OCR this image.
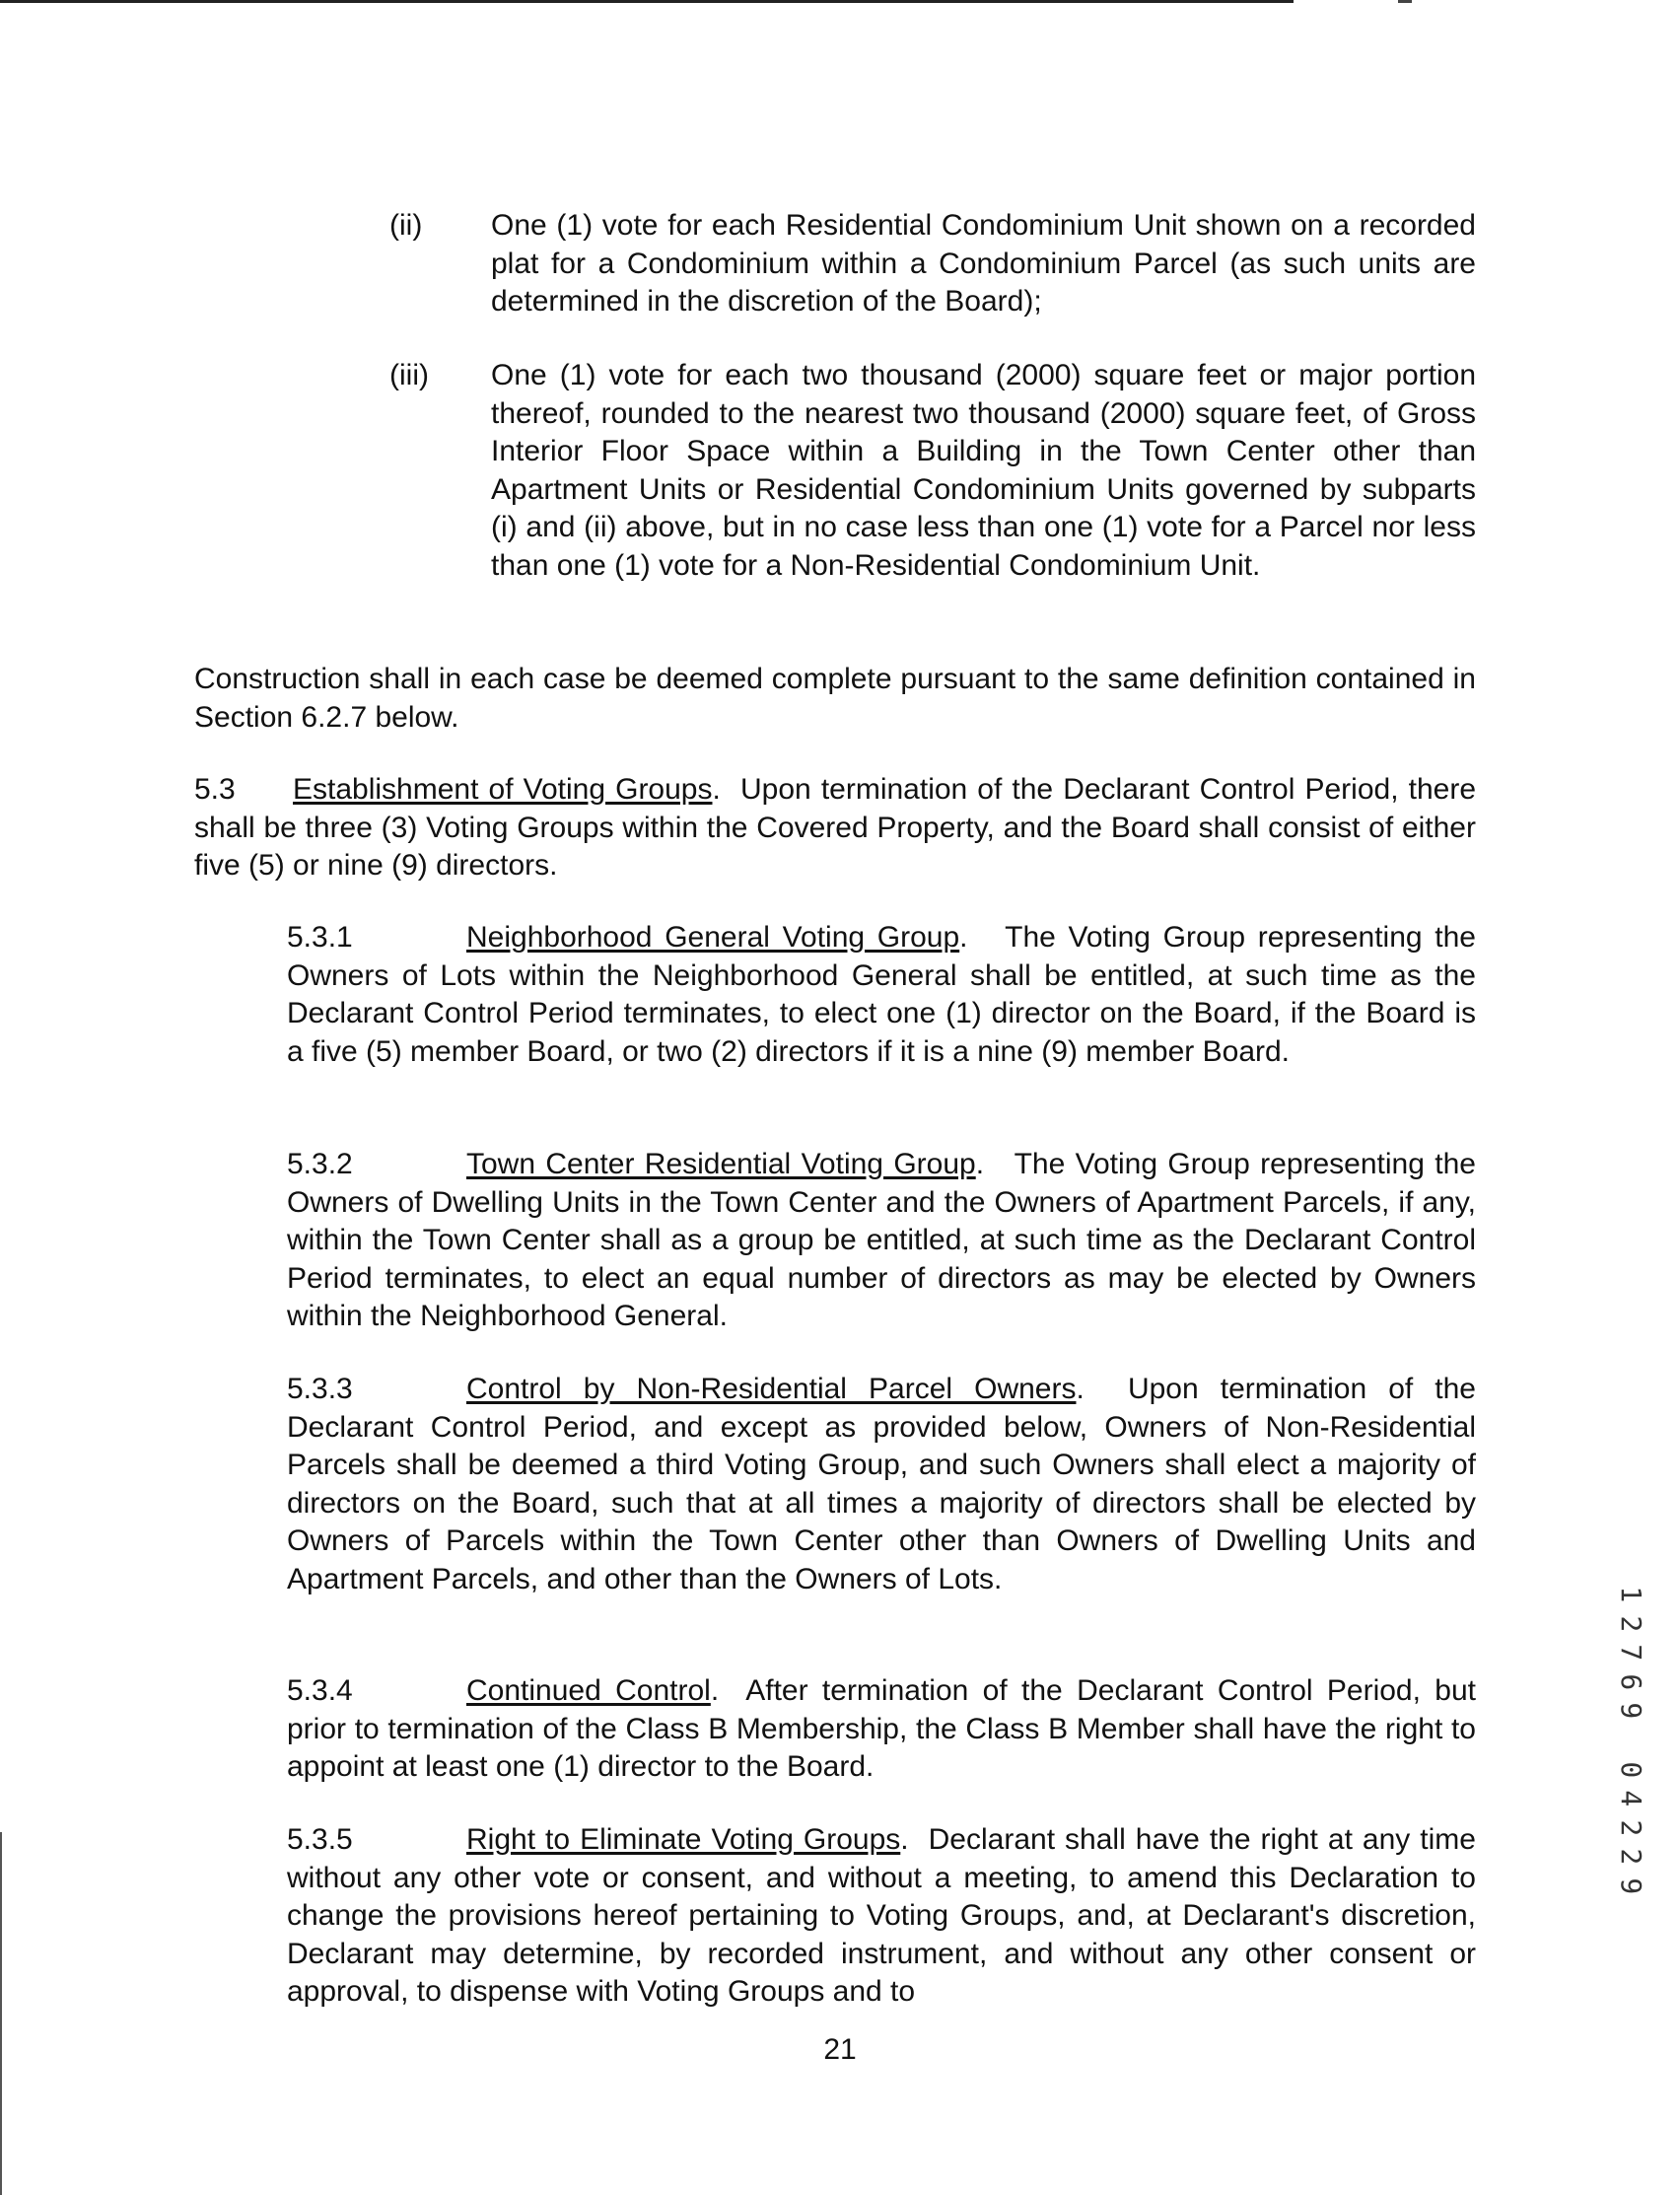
(ii) One (1) vote for each Residential Condominium Unit shown on a recorded plat for a Condominium within a Condominium Parcel (as such units are determined in the discretion of the Board);

(iii) One (1) vote for each two thousand (2000) square feet or major portion thereof, rounded to the nearest two thousand (2000) square feet, of Gross Interior Floor Space within a Building in the Town Center other than Apartment Units or Residential Condominium Units governed by subparts (i) and (ii) above, but in no case less than one (1) vote for a Parcel nor less than one (1) vote for a Non-Residential Condominium Unit.

Construction shall in each case be deemed complete pursuant to the same definition contained in Section 6.2.7 below.

5.3 Establishment of Voting Groups.  Upon termination of the Declarant Control Period, there shall be three (3) Voting Groups within the Covered Property, and the Board shall consist of either five (5) or nine (9) directors.

5.3.1	Neighborhood General Voting Group.   The Voting Group representing the Owners of Lots within the Neighborhood General shall be entitled, at such time as the Declarant Control Period terminates, to elect one (1) director on the Board, if the Board is a five (5) member Board, or two (2) directors if it is a nine (9) member Board.

5.3.2	Town Center Residential Voting Group.   The Voting Group representing the Owners of Dwelling Units in the Town Center and the Owners of Apartment Parcels, if any, within the Town Center shall as a group be entitled, at such time as the Declarant Control Period terminates, to elect an equal number of directors as may be elected by Owners within the Neighborhood General.

5.3.3	Control by Non-Residential Parcel Owners.  Upon termination of the Declarant Control Period, and except as provided below, Owners of Non-Residential Parcels shall be deemed a third Voting Group, and such Owners shall elect a majority of directors on the Board, such that at all times a majority of directors shall be elected by Owners of Parcels within the Town Center other than Owners of Dwelling Units and Apartment Parcels, and other than the Owners of Lots.

5.3.4	Continued Control.  After termination of the Declarant Control Period, but prior to termination of the Class B Membership, the Class B Member shall have the right to appoint at least one (1) director to the Board.

5.3.5	Right to Eliminate Voting Groups.  Declarant shall have the right at any time without any other vote or consent, and without a meeting, to amend this Declaration to change the provisions hereof pertaining to Voting Groups, and, at Declarant's discretion, Declarant may determine, by recorded instrument, and without any other consent or approval, to dispense with Voting Groups and to

1
2
7
6
9
0
4
2
2
9
21
